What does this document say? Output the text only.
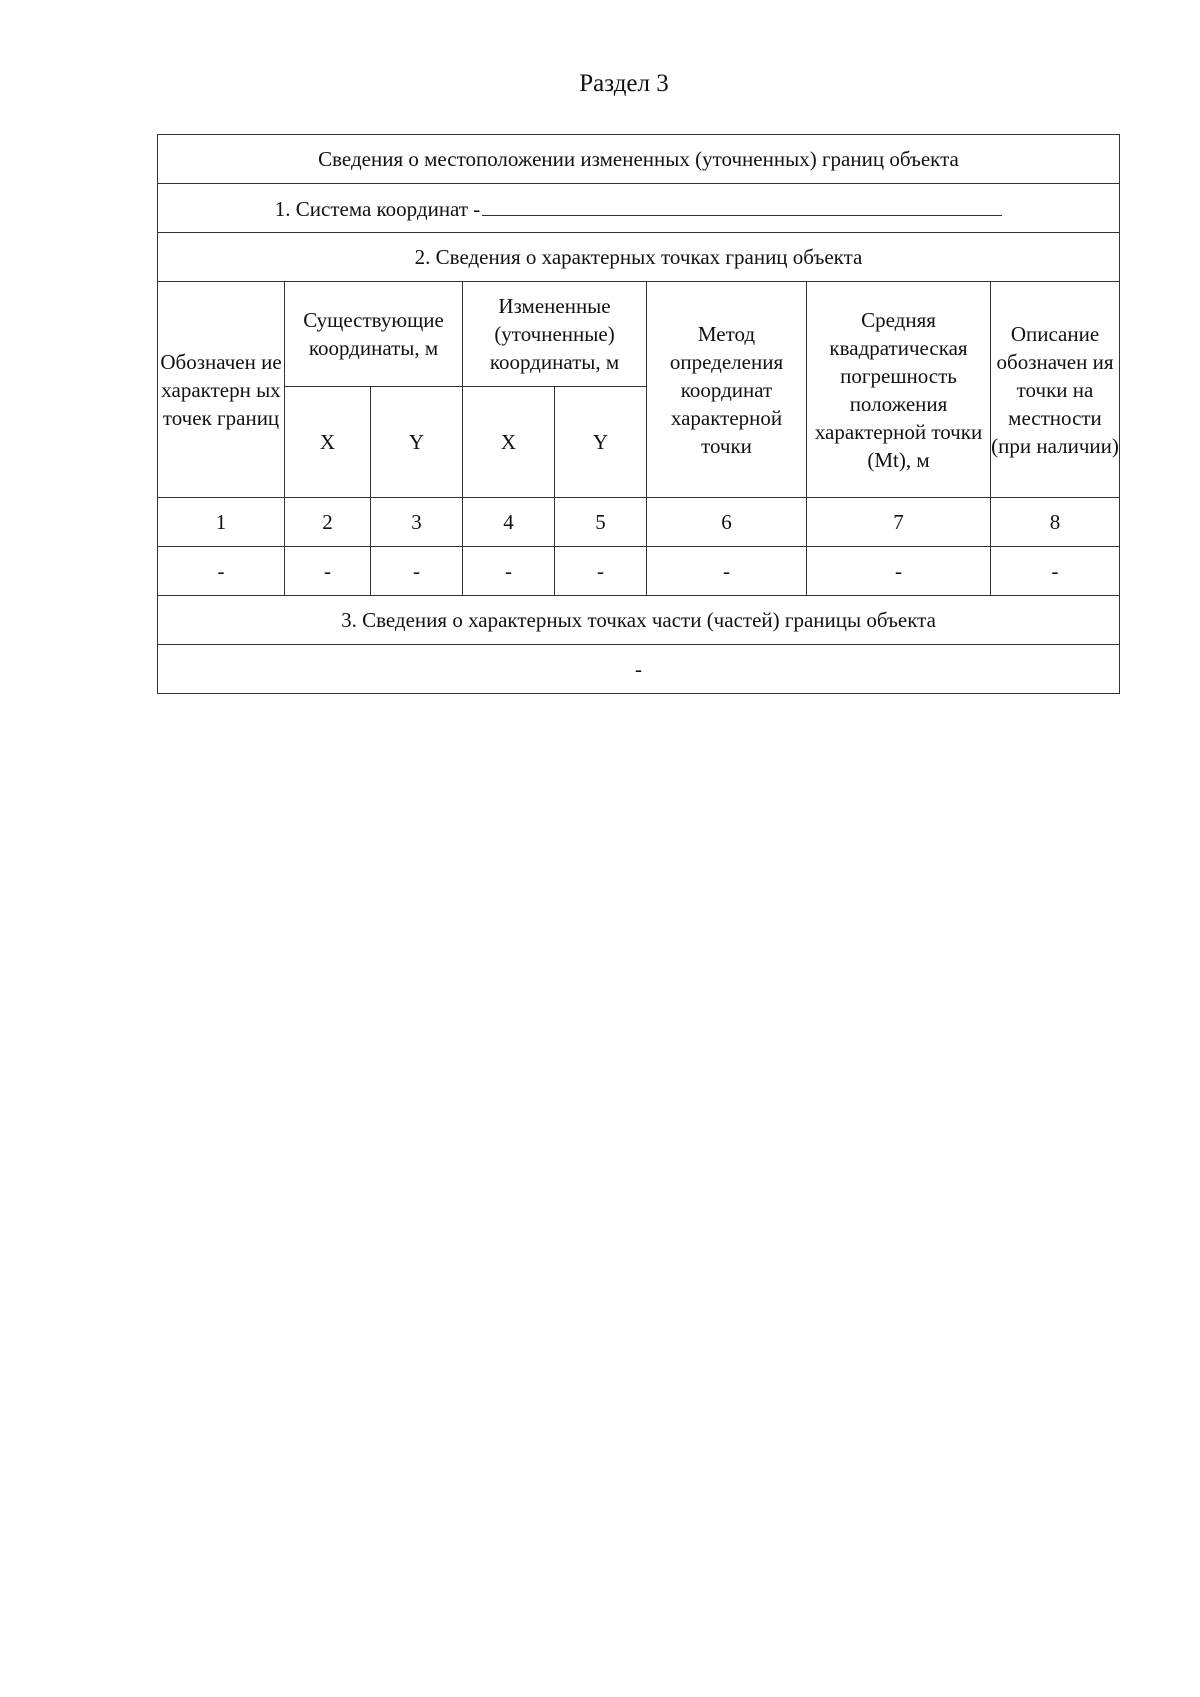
Раздел 3
Сведения о местоположении измененных (уточненных) границ объекта							
1. Система координат -							
2. Сведения о характерных точках границ объекта							
Обозначен ие характерн ых точек границ	Существующие координаты, м		Измененные (уточненные) координаты, м		Метод определения координат характерной точки	Средняя квадратическая погрешность положения характерной точки (Mt), м	Описание обозначен ия точки на местности (при наличии)
	X	Y	X	Y			
1	2	3	4	5	6	7	8
-	-	-	-	-	-	-	-
3. Сведения о характерных точках части (частей) границы объекта							
-							
